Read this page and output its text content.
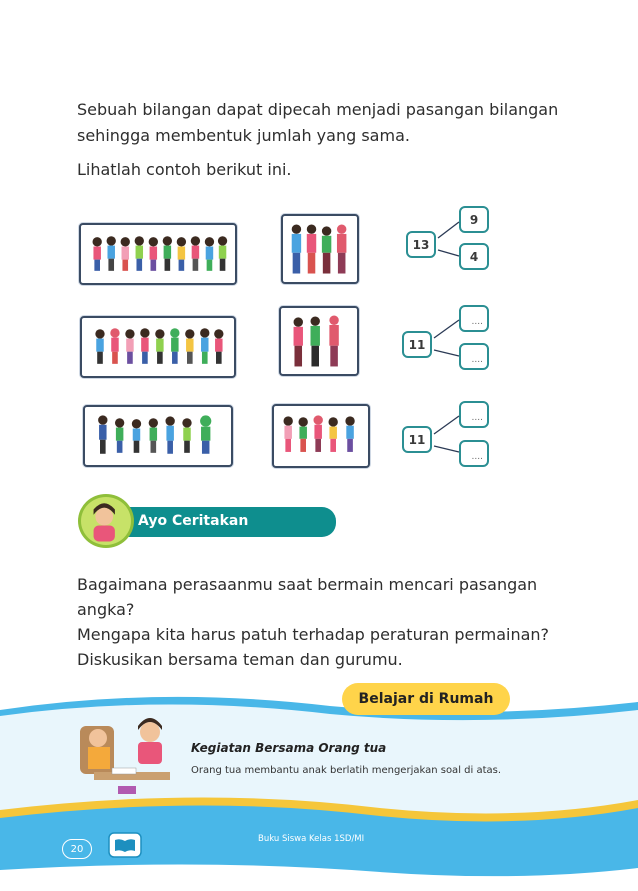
Sebuah bilangan dapat dipecah menjadi pasangan bilangan

sehingga membentuk jumlah yang sama.

Lihatlah contoh berikut ini.
13
9
4
11
....
....
11
....
....
Ayo Ceritakan

Bagaimana perasaanmu saat bermain mencari pasangan

angka?

Mengapa kita harus patuh terhadap peraturan permainan?

Diskusikan bersama teman dan gurumu.

Belajar di Rumah
Kegiatan Bersama Orang tua
Orang tua membantu anak berlatih mengerjakan soal di atas.
20
Buku Siswa Kelas 1SD/MI
